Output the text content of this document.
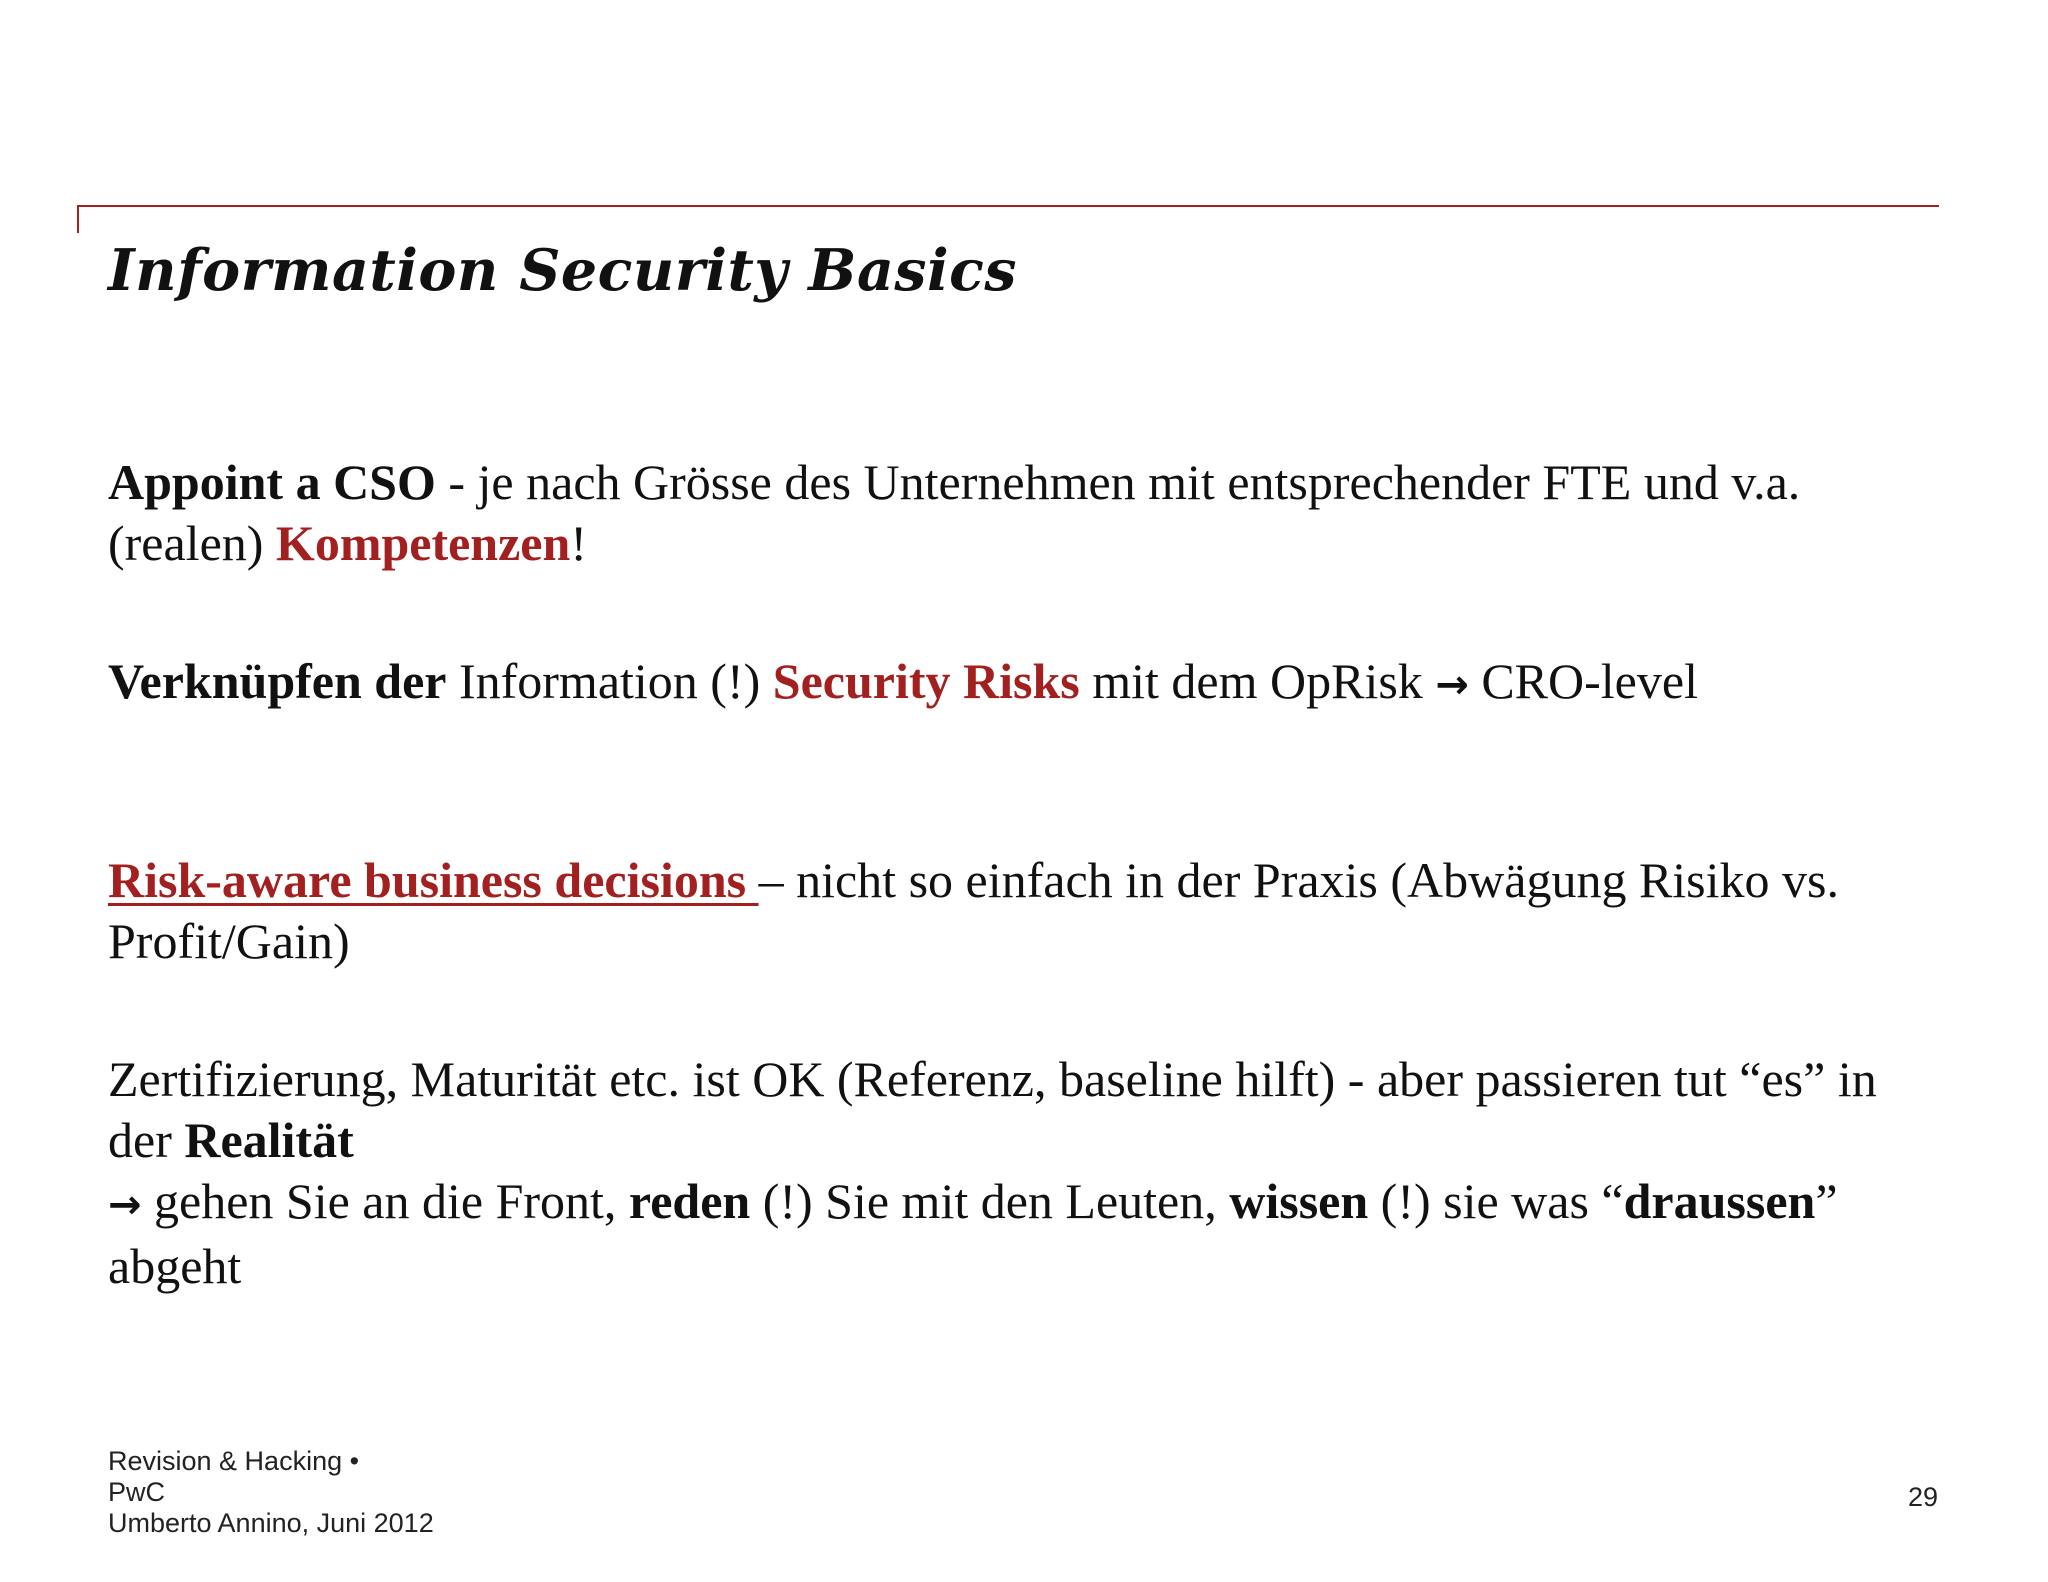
Information Security Basics

Appoint a CSO - je nach Grösse des Unternehmen mit entsprechender FTE und v.a. (realen) Kompetenzen!

Verknüpfen der Information (!) Security Risks mit dem OpRisk → CRO-level

Risk-aware business decisions – nicht so einfach in der Praxis (Abwägung Risiko vs. Profit/Gain)

Zertifizierung, Maturität etc. ist OK (Referenz, baseline hilft) - aber passieren tut “es” in der Realität
→ gehen Sie an die Front, reden (!) Sie mit den Leuten, wissen (!) sie was “draussen” abgeht

Revision & Hacking •
PwC
Umberto Annino, Juni 2012
29
